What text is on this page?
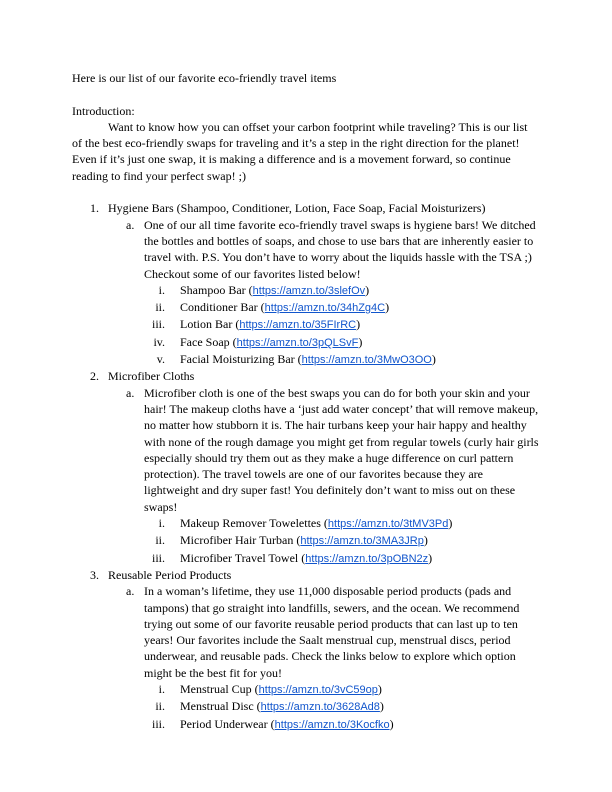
Here is our list of our favorite eco-friendly travel items

Introduction:

Want to know how you can offset your carbon footprint while traveling? This is our list of the best eco-friendly swaps for traveling and it’s a step in the right direction for the planet! Even if it’s just one swap, it is making a difference and is a movement forward, so continue reading to find your perfect swap! ;)

1. Hygiene Bars (Shampoo, Conditioner, Lotion, Face Soap, Facial Moisturizers)
a. One of our all time favorite eco-friendly travel swaps is hygiene bars! We ditched the bottles and bottles of soaps, and chose to use bars that are inherently easier to travel with. P.S. You don’t have to worry about the liquids hassle with the TSA ;) Checkout some of our favorites listed below!
i. Shampoo Bar (https://amzn.to/3slefOv)
ii. Conditioner Bar (https://amzn.to/34hZg4C)
iii. Lotion Bar (https://amzn.to/35FIrRC)
iv. Face Soap (https://amzn.to/3pQLSvF)
v. Facial Moisturizing Bar (https://amzn.to/3MwO3OO)
2. Microfiber Cloths
a. Microfiber cloth is one of the best swaps you can do for both your skin and your hair! The makeup cloths have a ‘just add water concept’ that will remove makeup, no matter how stubborn it is. The hair turbans keep your hair happy and healthy with none of the rough damage you might get from regular towels (curly hair girls especially should try them out as they make a huge difference on curl pattern protection). The travel towels are one of our favorites because they are lightweight and dry super fast! You definitely don’t want to miss out on these swaps!
i. Makeup Remover Towelettes (https://amzn.to/3tMV3Pd)
ii. Microfiber Hair Turban (https://amzn.to/3MA3JRp)
iii. Microfiber Travel Towel (https://amzn.to/3pOBN2z)
3. Reusable Period Products
a. In a woman’s lifetime, they use 11,000 disposable period products (pads and tampons) that go straight into landfills, sewers, and the ocean. We recommend trying out some of our favorite reusable period products that can last up to ten years! Our favorites include the Saalt menstrual cup, menstrual discs, period underwear, and reusable pads. Check the links below to explore which option might be the best fit for you!
i. Menstrual Cup (https://amzn.to/3vC59op)
ii. Menstrual Disc (https://amzn.to/3628Ad8)
iii. Period Underwear (https://amzn.to/3Kocfko)
